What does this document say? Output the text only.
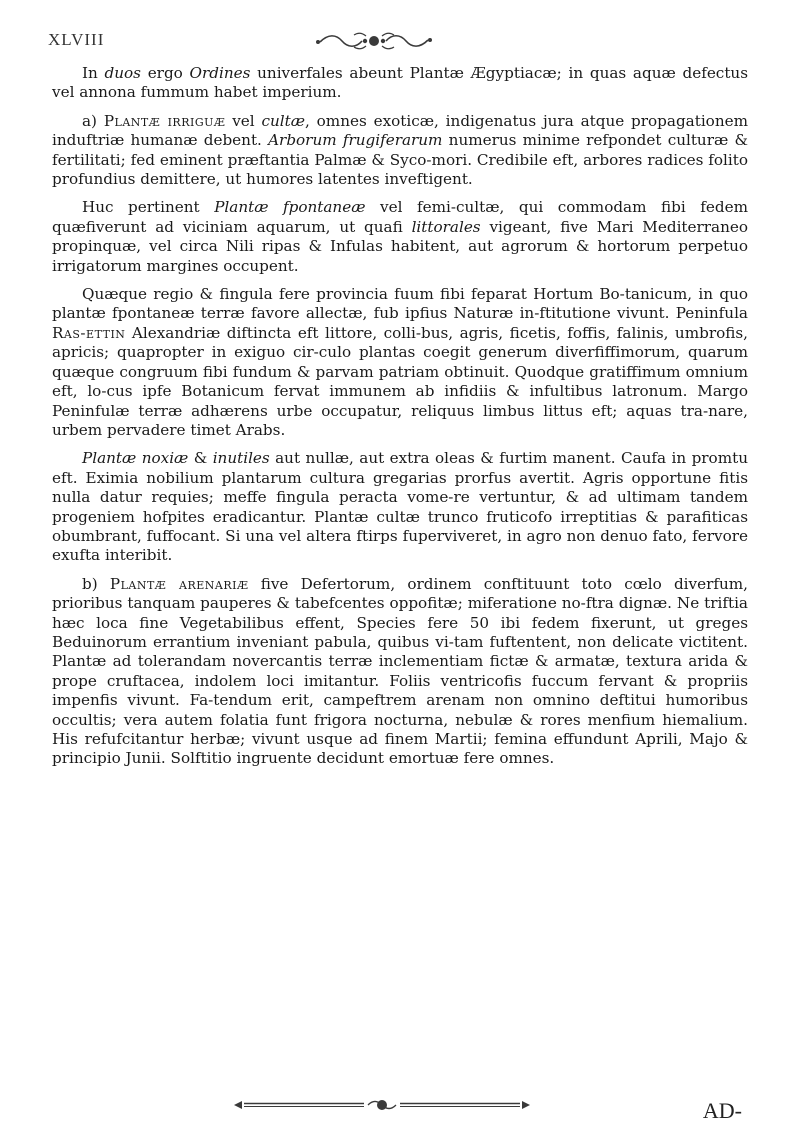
XLVIII

In duos ergo Ordines univerfales abeunt Plantæ Ægyptiacæ; in quas aquæ defectus vel annona fummum habet imperium.

a) Plantæ irriguæ vel cultæ, omnes exoticæ, indigenatus jura atque propagationem induftriæ humanæ debent. Arborum frugiferarum numerus minime refpondet culturæ & fertilitati; fed eminent præftantia Palmæ & Syco-mori. Credibile eft, arbores radices folito profundius demittere, ut humores latentes inveftigent.

Huc pertinent Plantæ fpontaneæ vel femi-cultæ, qui commodam fibi fedem quæfiverunt ad viciniam aquarum, ut quafi littorales vigeant, five Mari Mediterraneo propinquæ, vel circa Nili ripas & Infulas habitent, aut agrorum & hortorum perpetuo irrigatorum margines occupent.

Quæque regio & fingula fere provincia fuum fibi feparat Hortum Bo-tanicum, in quo plantæ fpontaneæ terræ favore allectæ, fub ipfius Naturæ in-ftitutione vivunt. Peninfula Ras-ettin Alexandriæ diftincta eft littore, colli-bus, agris, ficetis, foffis, falinis, umbrofis, apricis; quapropter in exiguo cir-culo plantas coegit generum diverfiffimorum, quarum quæque congruum fibi fundum & parvam patriam obtinuit. Quodque gratiffimum omnium eft, lo-cus ipfe Botanicum fervat immunem ab infidiis & infultibus latronum. Margo Peninfulæ terræ adhærens urbe occupatur, reliquus limbus littus eft; aquas tra-nare, urbem pervadere timet Arabs.

Plantæ noxiæ & inutiles aut nullæ, aut extra oleas & furtim manent. Caufa in promtu eft. Eximia nobilium plantarum cultura gregarias prorfus avertit. Agris opportune fitis nulla datur requies; meffe fingula peracta vome-re vertuntur, & ad ultimam tandem progeniem hofpites eradicantur. Plantæ cultæ trunco fruticofo irreptitias & parafiticas obumbrant, fuffocant. Si una vel altera ftirps fuperviveret, in agro non denuo fato, fervore exufta interibit.

b) Plantæ arenariæ five Defertorum, ordinem conftituunt toto cœlo diverfum, prioribus tanquam pauperes & tabefcentes oppofitæ; miferatione no-ftra dignæ. Ne triftia hæc loca fine Vegetabilibus effent, Species fere 50 ibi fedem fixerunt, ut greges Beduinorum errantium inveniant pabula, quibus vi-tam fuftentent, non delicate victitent. Plantæ ad tolerandam novercantis terræ inclementiam fictæ & armatæ, textura arida & prope cruftacea, indolem loci imitantur. Foliis ventricofis fuccum fervant & propriis impenfis vivunt. Fa-tendum erit, campeftrem arenam non omnino deftitui humoribus occultis; vera autem folatia funt frigora nocturna, nebulæ & rores menfium hiemalium. His refufcitantur herbæ; vivunt usque ad finem Martii; femina effundunt Aprili, Majo & principio Junii. Solftitio ingruente decidunt emortuæ fere omnes.

AD-
